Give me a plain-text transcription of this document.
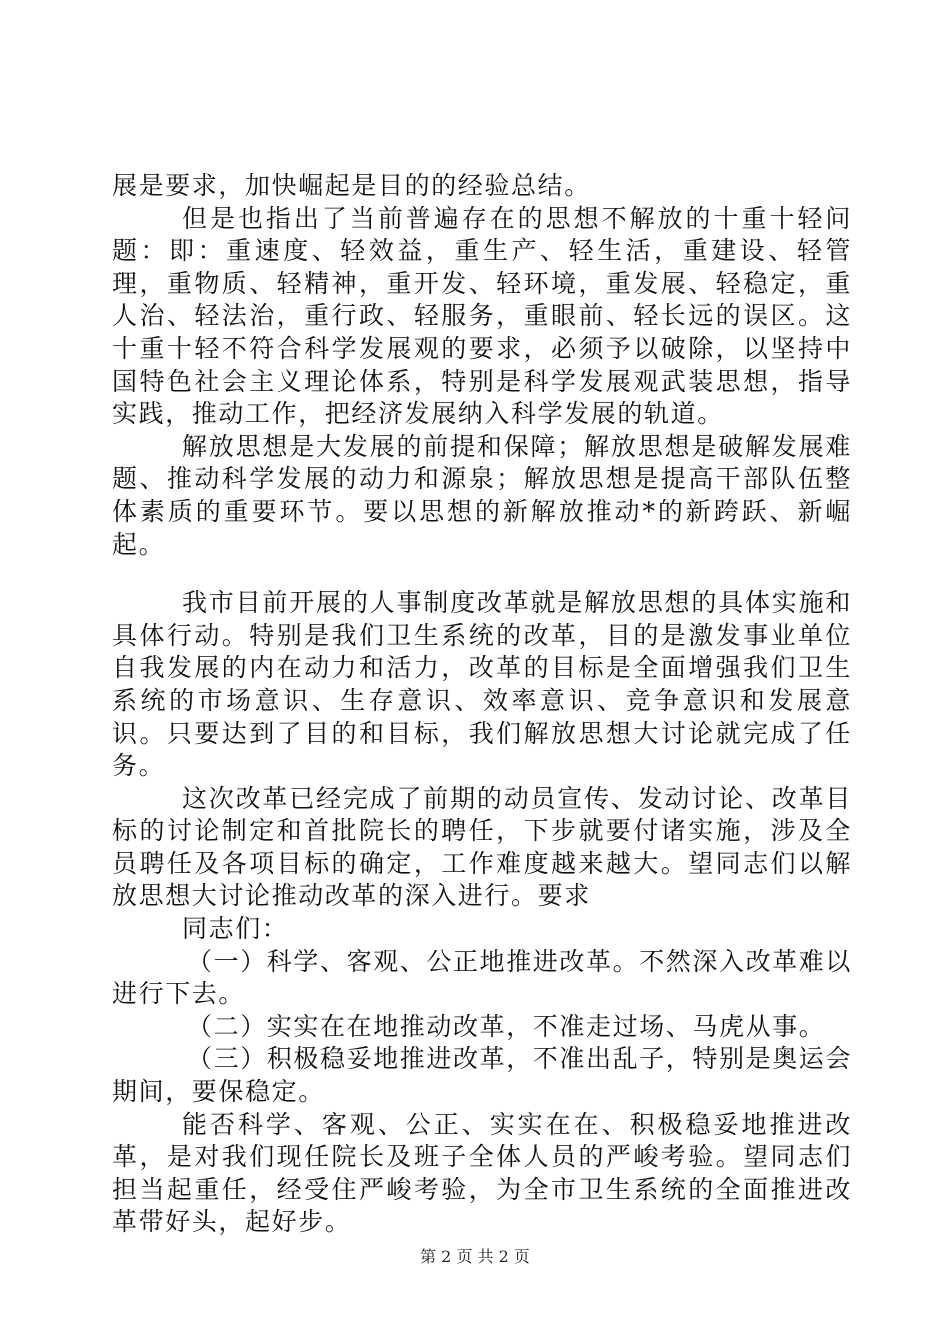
展是要求，加快崛起是目的的经验总结。

但是也指出了当前普遍存在的思想不解放的十重十轻问题：即：重速度、轻效益，重生产、轻生活，重建设、轻管理，重物质、轻精神，重开发、轻环境，重发展、轻稳定，重人治、轻法治，重行政、轻服务，重眼前、轻长远的误区。这十重十轻不符合科学发展观的要求，必须予以破除，以坚持中国特色社会主义理论体系，特别是科学发展观武装思想，指导实践，推动工作，把经济发展纳入科学发展的轨道。

解放思想是大发展的前提和保障；解放思想是破解发展难题、推动科学发展的动力和源泉；解放思想是提高干部队伍整体素质的重要环节。要以思想的新解放推动*的新跨跃、新崛起。

我市目前开展的人事制度改革就是解放思想的具体实施和具体行动。特别是我们卫生系统的改革，目的是激发事业单位自我发展的内在动力和活力，改革的目标是全面增强我们卫生系统的市场意识、生存意识、效率意识、竞争意识和发展意识。只要达到了目的和目标，我们解放思想大讨论就完成了任务。

这次改革已经完成了前期的动员宣传、发动讨论、改革目标的讨论制定和首批院长的聘任，下步就要付诸实施，涉及全员聘任及各项目标的确定，工作难度越来越大。望同志们以解放思想大讨论推动改革的深入进行。要求

同志们：

（一）科学、客观、公正地推进改革。不然深入改革难以进行下去。

（二）实实在在地推动改革，不准走过场、马虎从事。

（三）积极稳妥地推进改革，不准出乱子，特别是奥运会期间，要保稳定。

能否科学、客观、公正、实实在在、积极稳妥地推进改革，是对我们现任院长及班子全体人员的严峻考验。望同志们担当起重任，经受住严峻考验，为全市卫生系统的全面推进改革带好头，起好步。

第 2 页 共 2 页
